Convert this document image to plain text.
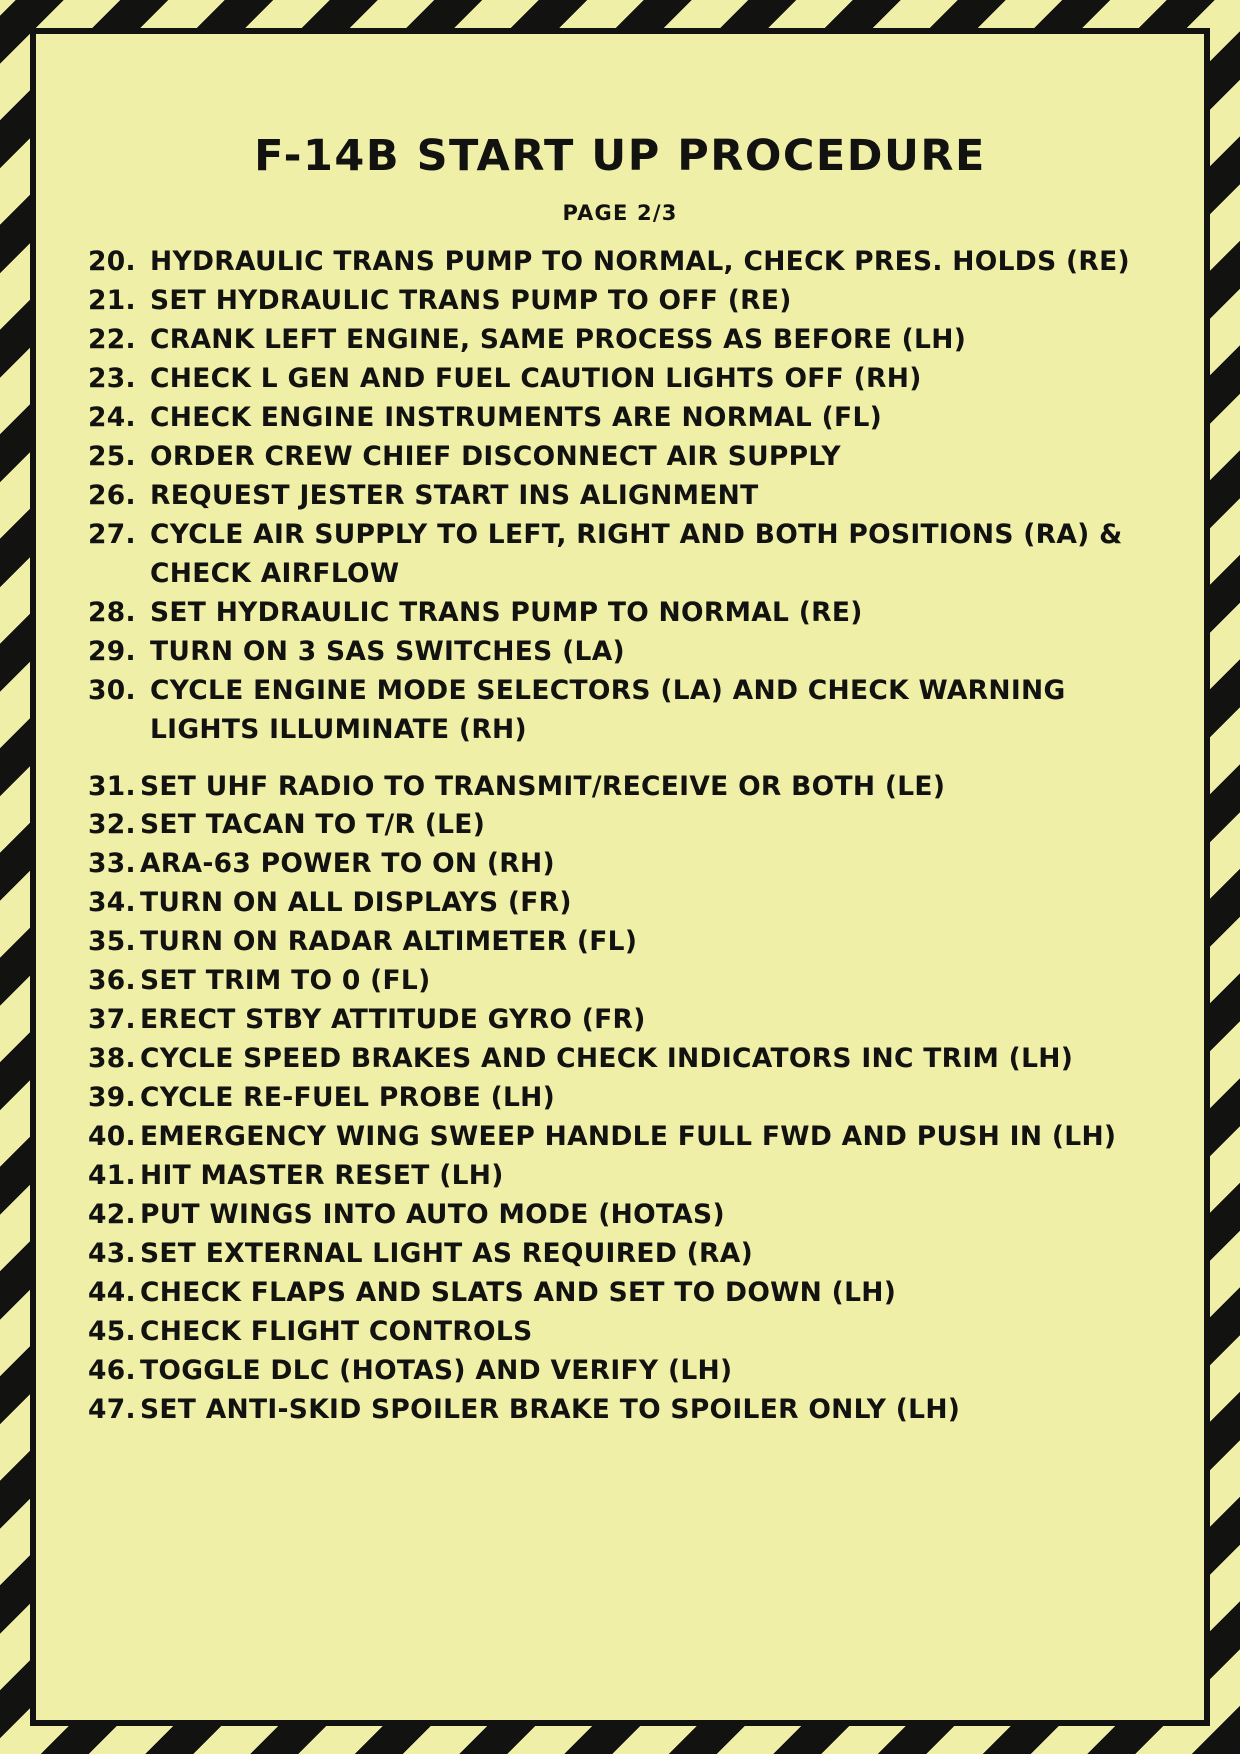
F-14B START UP PROCEDURE
PAGE 2/3
20. HYDRAULIC TRANS PUMP TO NORMAL, CHECK PRES. HOLDS (RE)
21. SET HYDRAULIC TRANS PUMP TO OFF (RE)
22. CRANK LEFT ENGINE, SAME PROCESS AS BEFORE (LH)
23. CHECK L GEN AND FUEL CAUTION LIGHTS OFF (RH)
24. CHECK ENGINE INSTRUMENTS ARE NORMAL (FL)
25. ORDER CREW CHIEF DISCONNECT AIR SUPPLY
26. REQUEST JESTER START INS ALIGNMENT
27. CYCLE AIR SUPPLY TO LEFT, RIGHT AND BOTH POSITIONS (RA) & CHECK AIRFLOW
28. SET HYDRAULIC TRANS PUMP TO NORMAL (RE)
29. TURN ON 3 SAS SWITCHES (LA)
30. CYCLE ENGINE MODE SELECTORS (LA) AND CHECK WARNING LIGHTS ILLUMINATE (RH)
31. SET UHF RADIO TO TRANSMIT/RECEIVE OR BOTH (LE)
32. SET TACAN TO T/R (LE)
33. ARA-63 POWER TO ON (RH)
34. TURN ON ALL DISPLAYS (FR)
35. TURN ON RADAR ALTIMETER (FL)
36. SET TRIM TO 0 (FL)
37. ERECT STBY ATTITUDE GYRO (FR)
38. CYCLE SPEED BRAKES AND CHECK INDICATORS INC TRIM (LH)
39. CYCLE RE-FUEL PROBE (LH)
40. EMERGENCY WING SWEEP HANDLE FULL FWD AND PUSH IN (LH)
41. HIT MASTER RESET (LH)
42. PUT WINGS INTO AUTO MODE (HOTAS)
43. SET EXTERNAL LIGHT AS REQUIRED (RA)
44. CHECK FLAPS AND SLATS AND SET TO DOWN (LH)
45. CHECK FLIGHT CONTROLS
46. TOGGLE DLC (HOTAS) AND VERIFY (LH)
47. SET ANTI-SKID SPOILER BRAKE TO SPOILER ONLY (LH)
